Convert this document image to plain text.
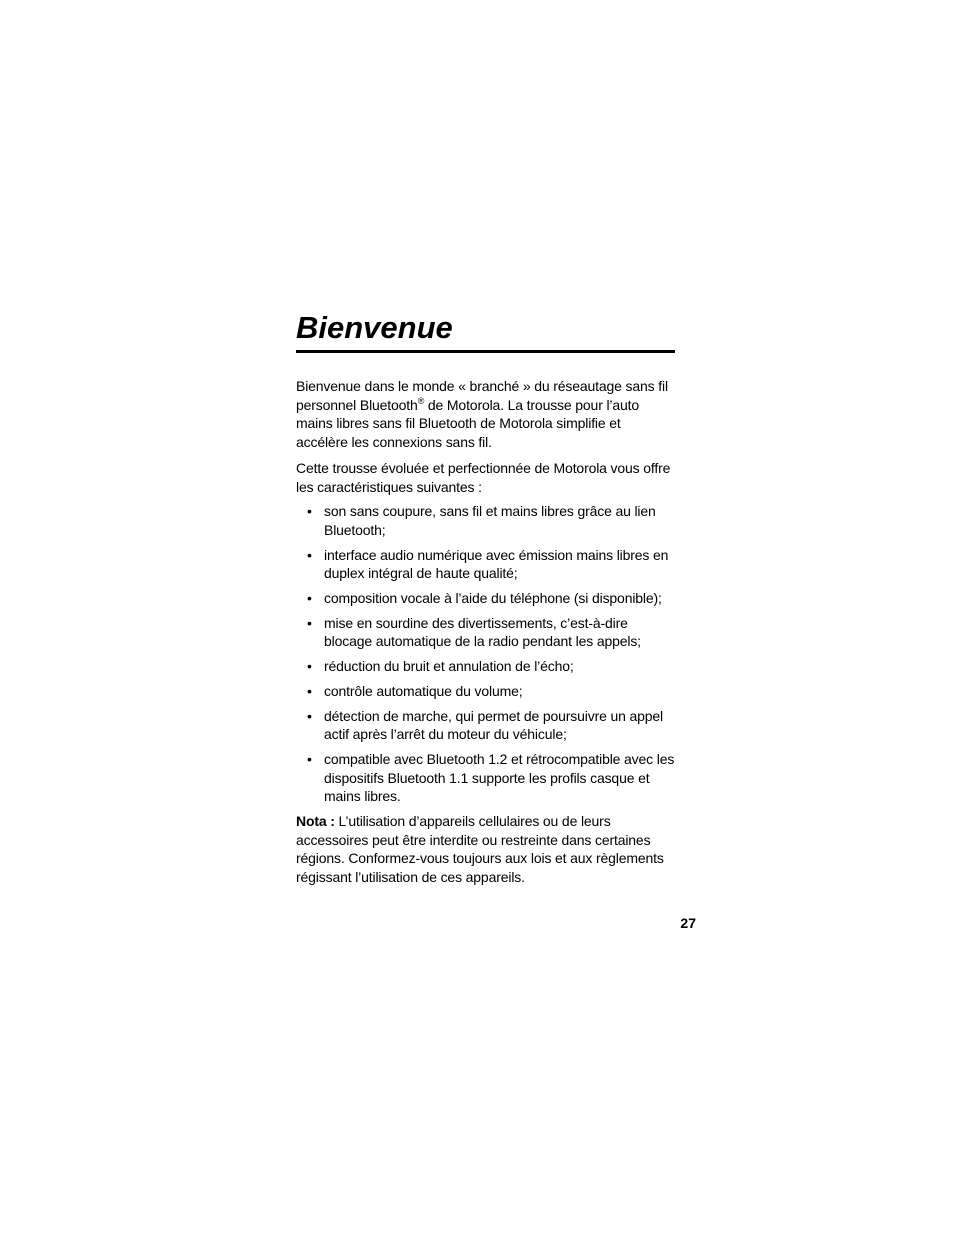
Bienvenue

Bienvenue dans le monde « branché » du réseautage sans fil personnel Bluetooth® de Motorola. La trousse pour l’auto mains libres sans fil Bluetooth de Motorola simplifie et accélère les connexions sans fil.

Cette trousse évoluée et perfectionnée de Motorola vous offre les caractéristiques suivantes :

• son sans coupure, sans fil et mains libres grâce au lien Bluetooth;
• interface audio numérique avec émission mains libres en duplex intégral de haute qualité;
• composition vocale à l’aide du téléphone (si disponible);
• mise en sourdine des divertissements, c’est-à-dire blocage automatique de la radio pendant les appels;
• réduction du bruit et annulation de l’écho;
• contrôle automatique du volume;
• détection de marche, qui permet de poursuivre un appel actif après l’arrêt du moteur du véhicule;
• compatible avec Bluetooth 1.2 et rétrocompatible avec les dispositifs Bluetooth 1.1 supporte les profils casque et mains libres.

Nota : L’utilisation d’appareils cellulaires ou de leurs accessoires peut être interdite ou restreinte dans certaines régions. Conformez-vous toujours aux lois et aux règlements régissant l’utilisation de ces appareils.

27
